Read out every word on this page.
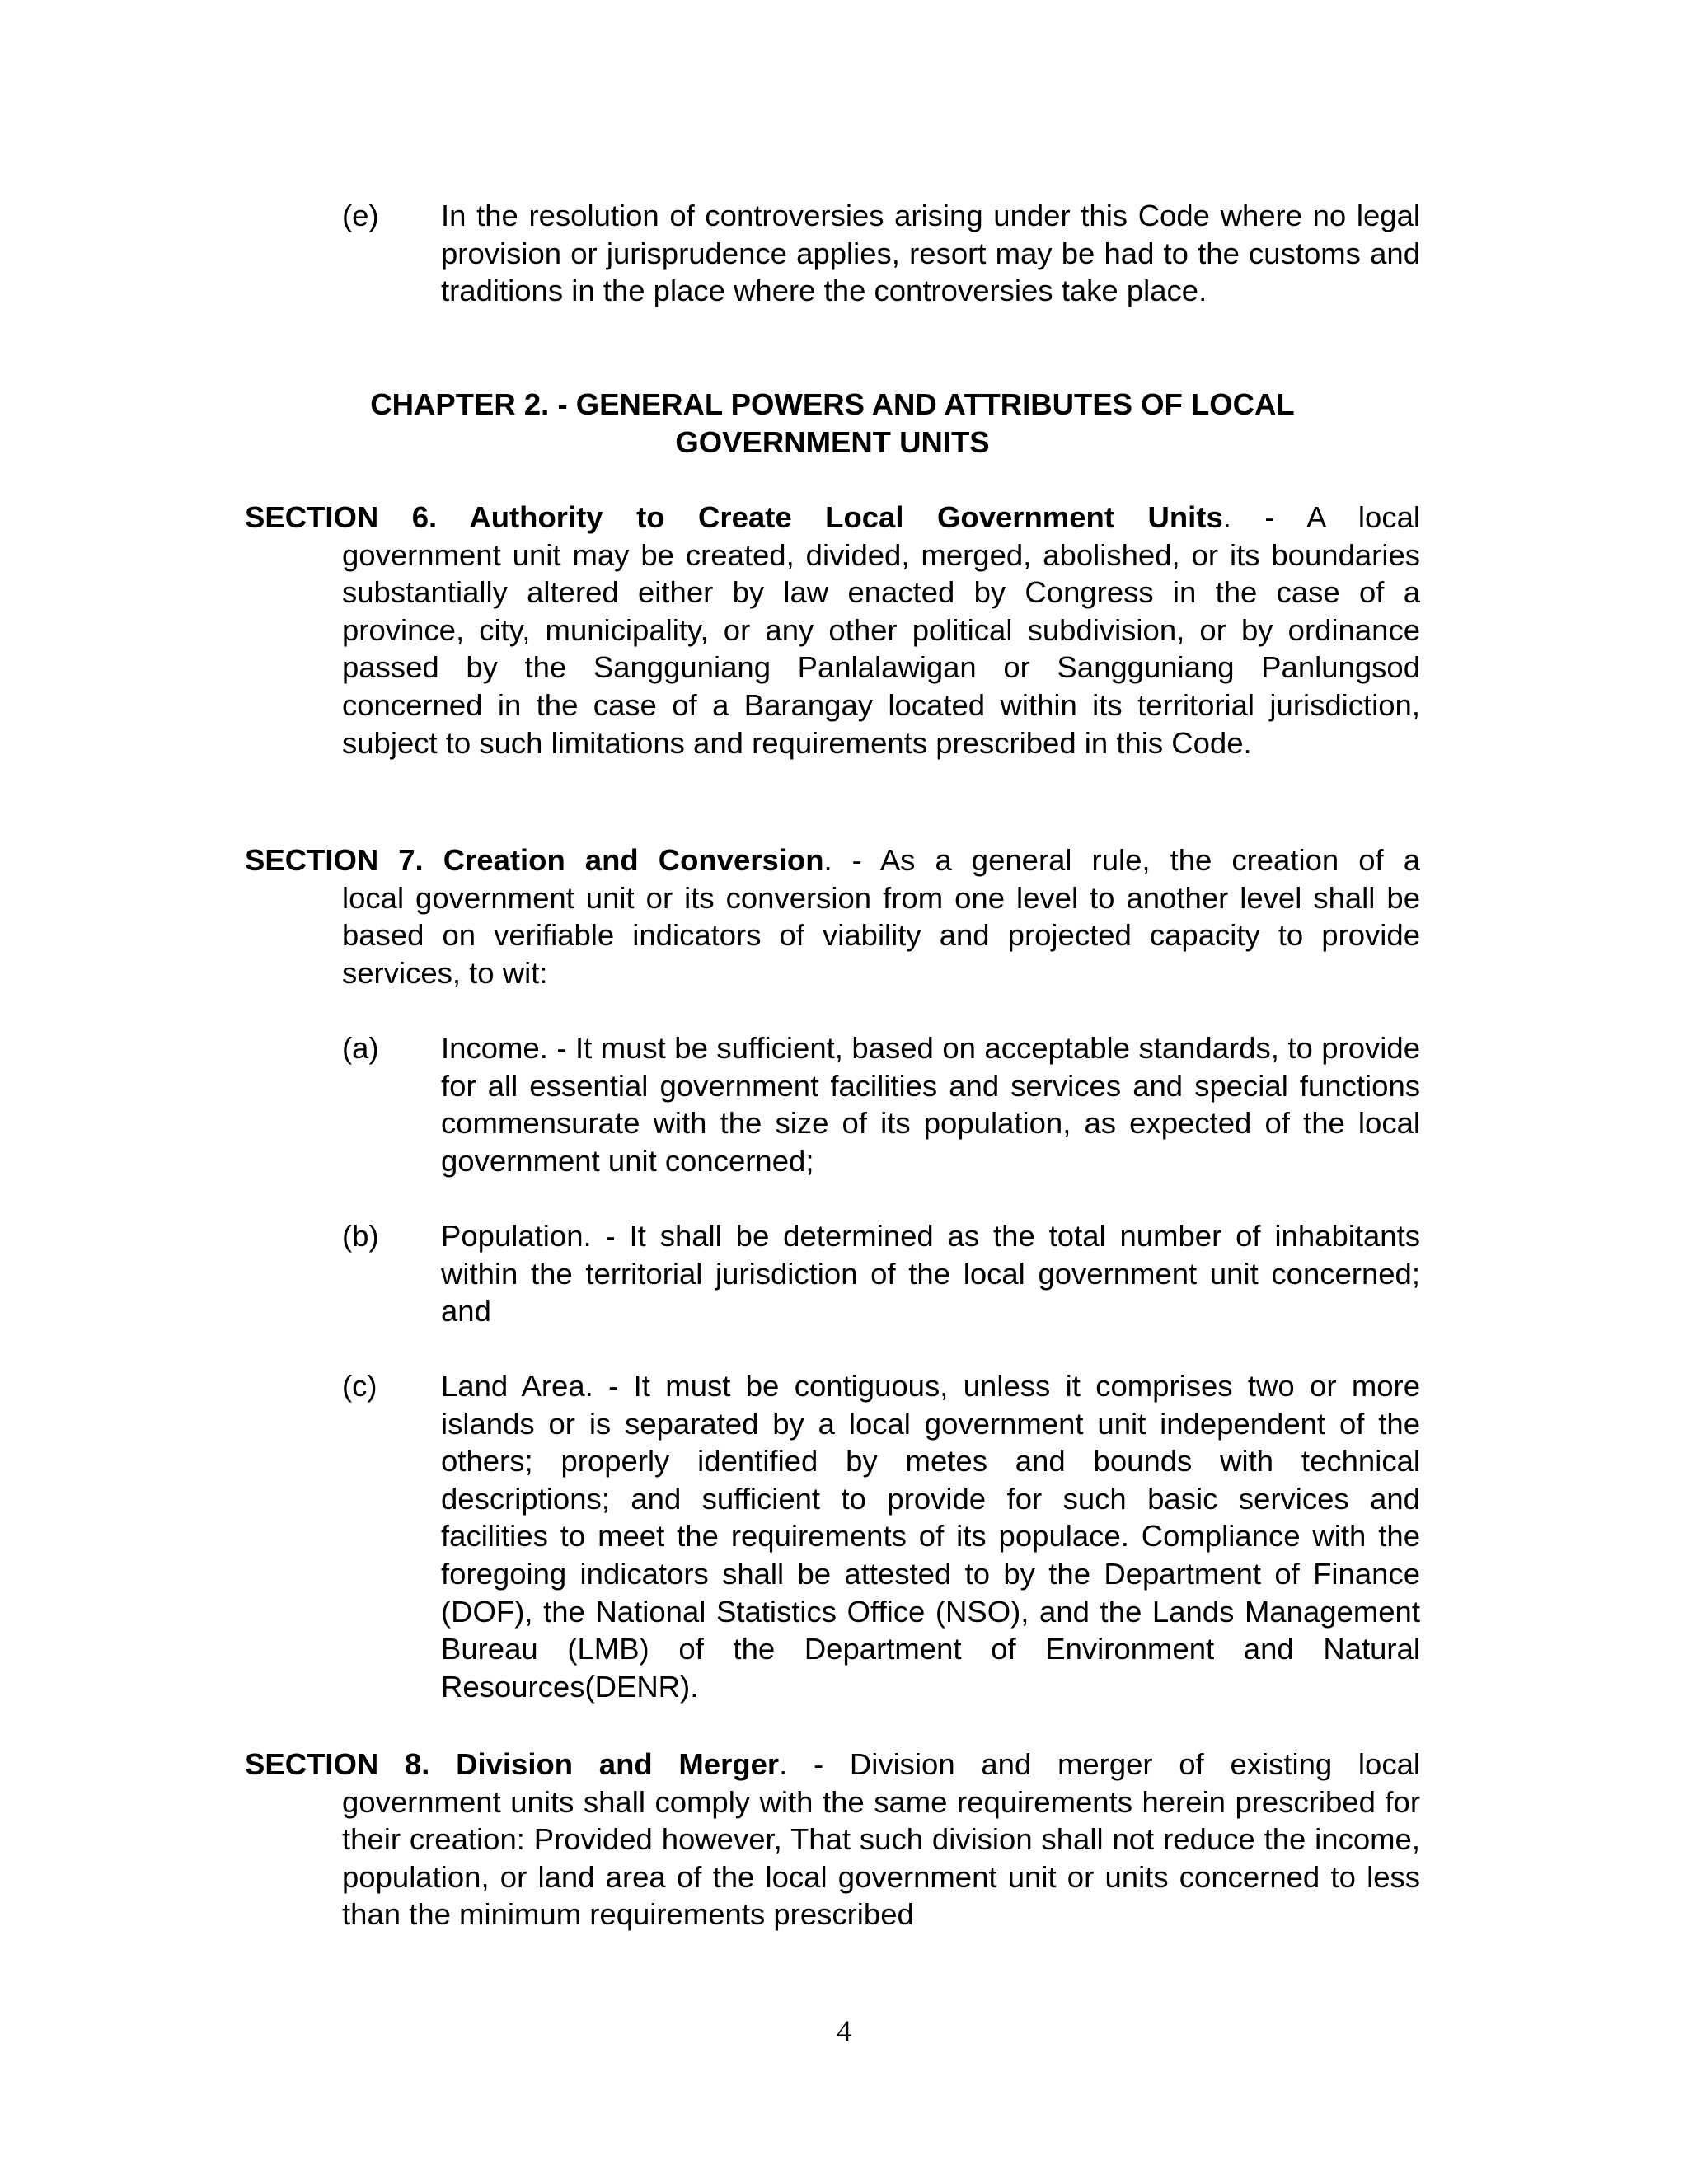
(e) In the resolution of controversies arising under this Code where no legal provision or jurisprudence applies, resort may be had to the customs and traditions in the place where the controversies take place.
CHAPTER 2. - GENERAL POWERS AND ATTRIBUTES OF LOCAL
GOVERNMENT UNITS
SECTION 6. Authority to Create Local Government Units. - A local
government unit may be created, divided, merged, abolished, or its boundaries substantially altered either by law enacted by Congress in the case of a province, city, municipality, or any other political subdivision, or by ordinance passed by the Sangguniang Panlalawigan or Sangguniang Panlungsod concerned in the case of a Barangay located within its territorial jurisdiction, subject to such limitations and requirements prescribed in this Code.
SECTION 7. Creation and Conversion. - As a general rule, the creation of a
local government unit or its conversion from one level to another level shall be based on verifiable indicators of viability and projected capacity to provide services, to wit:
(a) Income. - It must be sufficient, based on acceptable standards, to provide for all essential government facilities and services and special functions commensurate with the size of its population, as expected of the local government unit concerned;
(b) Population. - It shall be determined as the total number of inhabitants within the territorial jurisdiction of the local government unit concerned; and
(c) Land Area. - It must be contiguous, unless it comprises two or more islands or is separated by a local government unit independent of the others; properly identified by metes and bounds with technical descriptions; and sufficient to provide for such basic services and facilities to meet the requirements of its populace. Compliance with the foregoing indicators shall be attested to by the Department of Finance (DOF), the National Statistics Office (NSO), and the Lands Management Bureau (LMB) of the Department of Environment and Natural Resources(DENR).
SECTION 8. Division and Merger. - Division and merger of existing local
government units shall comply with the same requirements herein prescribed for their creation: Provided however, That such division shall not reduce the income, population, or land area of the local government unit or units concerned to less than the minimum requirements prescribed
4
